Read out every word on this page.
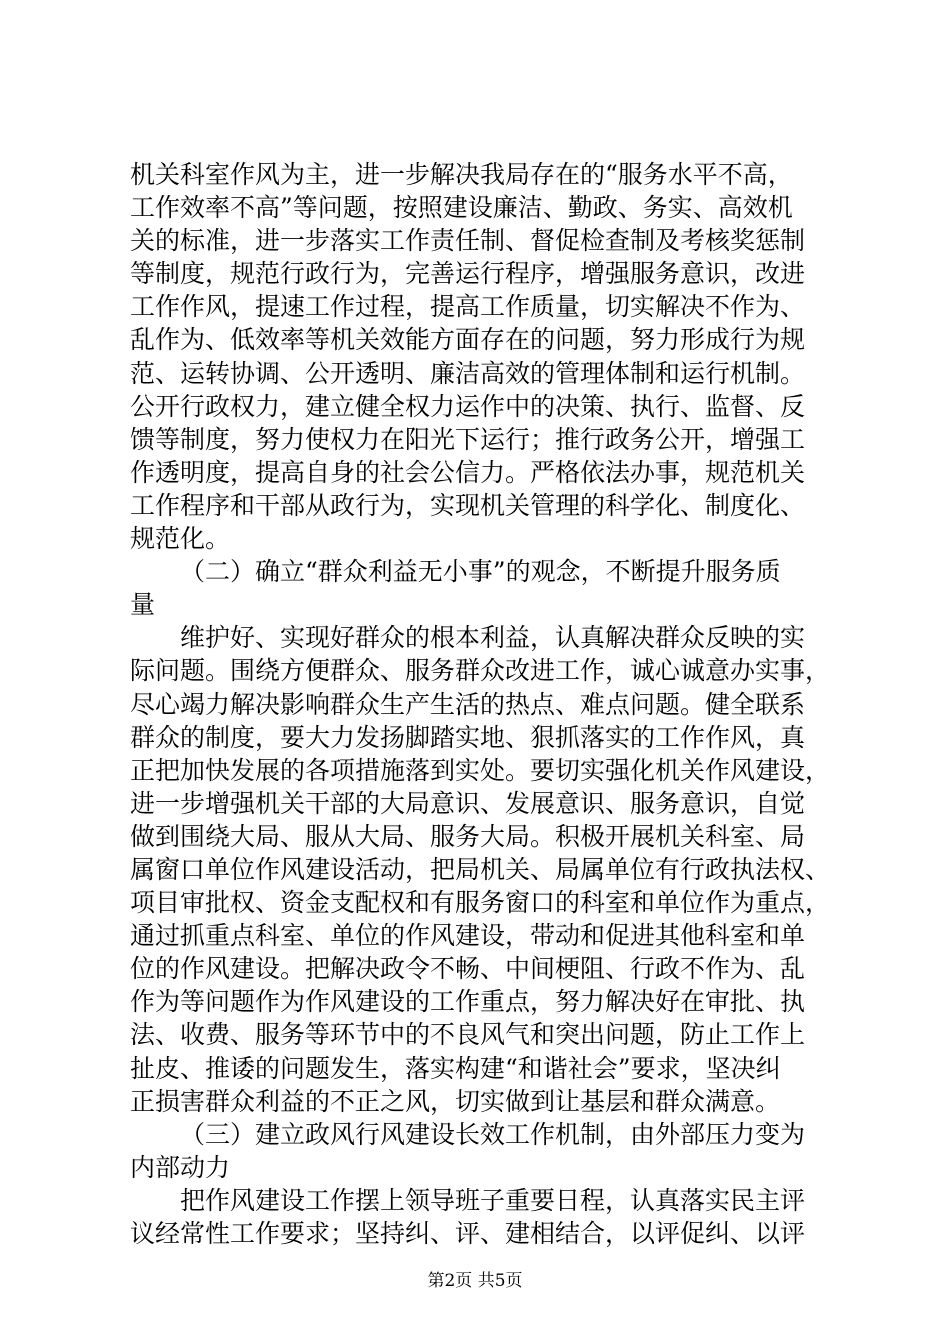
机关科室作风为主，进一步解决我局存在的“服务水平不高，
工作效率不高”等问题，按照建设廉洁、勤政、务实、高效机
关的标准，进一步落实工作责任制、督促检查制及考核奖惩制
等制度，规范行政行为，完善运行程序，增强服务意识，改进
工作作风，提速工作过程，提高工作质量，切实解决不作为、
乱作为、低效率等机关效能方面存在的问题，努力形成行为规
范、运转协调、公开透明、廉洁高效的管理体制和运行机制。
公开行政权力，建立健全权力运作中的决策、执行、监督、反
馈等制度，努力使权力在阳光下运行；推行政务公开，增强工
作透明度，提高自身的社会公信力。严格依法办事，规范机关
工作程序和干部从政行为，实现机关管理的科学化、制度化、
规范化。
（二）确立“群众利益无小事”的观念，不断提升服务质
量
维护好、实现好群众的根本利益，认真解决群众反映的实
际问题。围绕方便群众、服务群众改进工作，诚心诚意办实事，
尽心竭力解决影响群众生产生活的热点、难点问题。健全联系
群众的制度，要大力发扬脚踏实地、狠抓落实的工作作风，真
正把加快发展的各项措施落到实处。要切实强化机关作风建设，
进一步增强机关干部的大局意识、发展意识、服务意识，自觉
做到围绕大局、服从大局、服务大局。积极开展机关科室、局
属窗口单位作风建设活动，把局机关、局属单位有行政执法权、
项目审批权、资金支配权和有服务窗口的科室和单位作为重点，
通过抓重点科室、单位的作风建设，带动和促进其他科室和单
位的作风建设。把解决政令不畅、中间梗阻、行政不作为、乱
作为等问题作为作风建设的工作重点，努力解决好在审批、执
法、收费、服务等环节中的不良风气和突出问题，防止工作上
扯皮、推诿的问题发生，落实构建“和谐社会”要求，坚决纠
正损害群众利益的不正之风，切实做到让基层和群众满意。
（三）建立政风行风建设长效工作机制，由外部压力变为
内部动力
把作风建设工作摆上领导班子重要日程，认真落实民主评
议经常性工作要求；坚持纠、评、建相结合，以评促纠、以评
第2页 共5页
